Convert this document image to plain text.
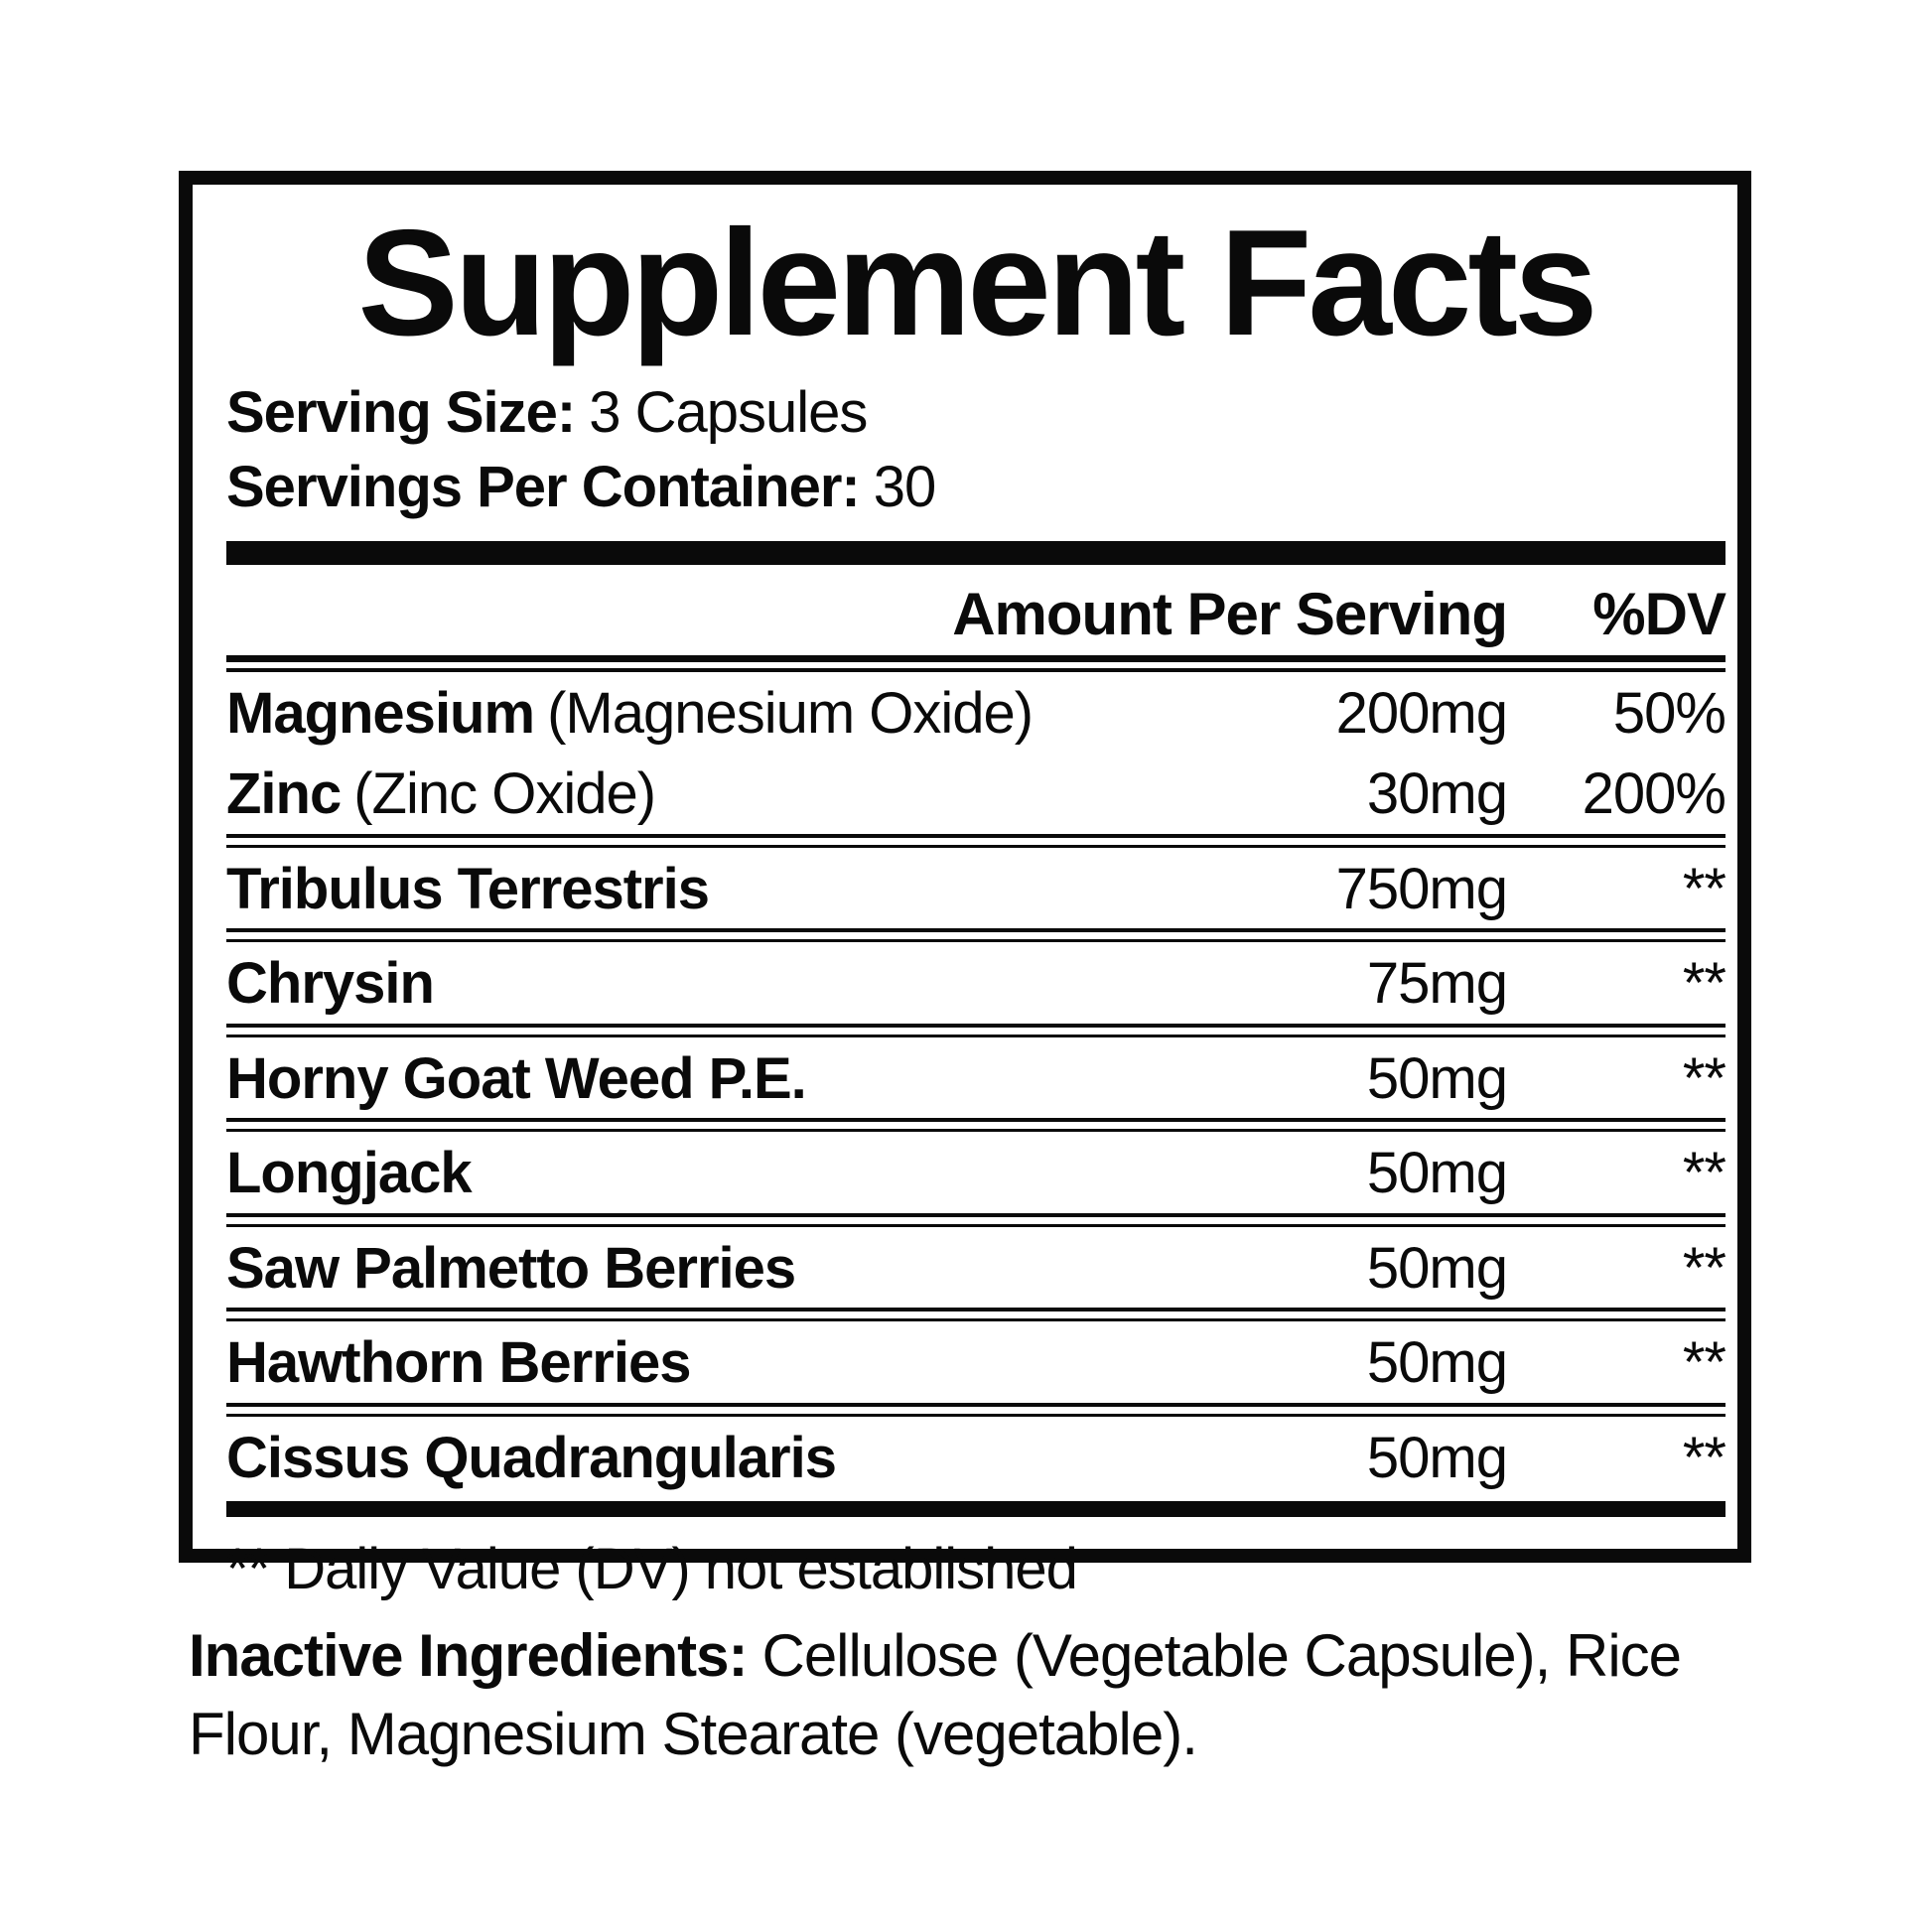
Supplement Facts
Serving Size: 3 Capsules
Servings Per Container: 30
Amount Per Serving	%DV
Magnesium (Magnesium Oxide)	200mg	50%
Zinc (Zinc Oxide)	30mg	200%
Tribulus Terrestris	750mg	**
Chrysin	75mg	**
Horny Goat Weed P.E.	50mg	**
Longjack	50mg	**
Saw Palmetto Berries	50mg	**
Hawthorn Berries	50mg	**
Cissus Quadrangularis	50mg	**
** Daily Value (DV) not established
Inactive Ingredients: Cellulose (Vegetable Capsule), Rice Flour, Magnesium Stearate (vegetable).
